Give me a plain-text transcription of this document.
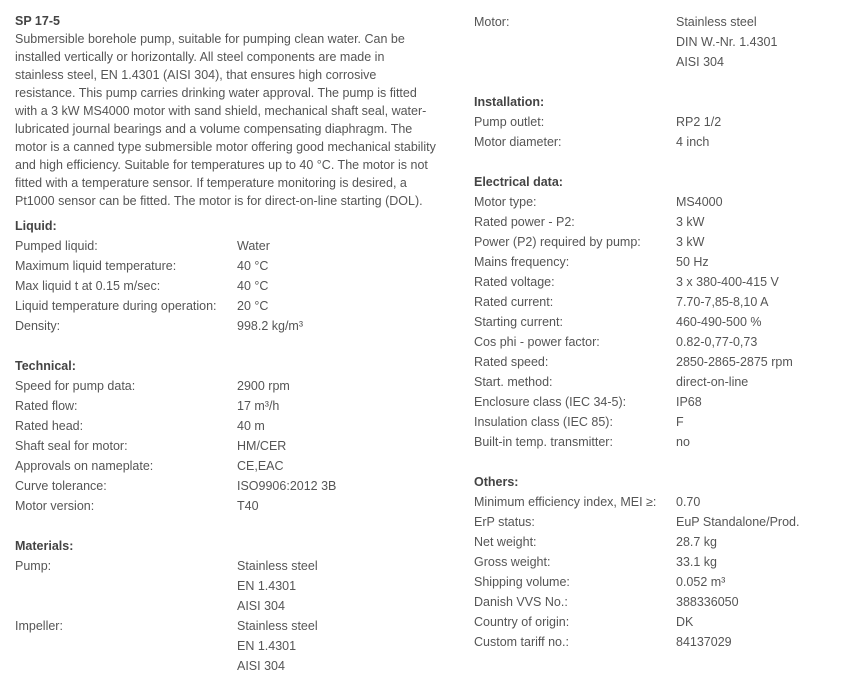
SP 17-5

Submersible borehole pump, suitable for pumping clean water. Can be
installed vertically or horizontally. All steel components are made in
stainless steel, EN 1.4301 (AISI 304), that ensures high corrosive
resistance. This pump carries drinking water approval. The pump is fitted
with a 3 kW MS4000 motor with sand shield, mechanical shaft seal, water-
lubricated journal bearings and a volume compensating diaphragm. The
motor is a canned type submersible motor offering good mechanical stability
and high efficiency. Suitable for temperatures up to 40 °C. The motor is not
fitted with a temperature sensor. If temperature monitoring is desired, a
Pt1000 sensor can be fitted. The motor is for direct-on-line starting (DOL).

Liquid:
Pumped liquid:	Water
Maximum liquid temperature:	40 °C
Max liquid t at 0.15 m/sec:	40 °C
Liquid temperature during operation:	20 °C
Density:	998.2 kg/m³
Technical:
Speed for pump data:	2900 rpm
Rated flow:	17 m³/h
Rated head:	40 m
Shaft seal for motor:	HM/CER
Approvals on nameplate:	CE,EAC
Curve tolerance:	ISO9906:2012 3B
Motor version:	T40
Materials:
Pump:	Stainless steel
EN 1.4301
AISI 304
Impeller:	Stainless steel
EN 1.4301
AISI 304
Motor:	Stainless steel
DIN W.-Nr. 1.4301
AISI 304
Installation:
Pump outlet:	RP2 1/2
Motor diameter:	4 inch
Electrical data:
Motor type:	MS4000
Rated power - P2:	3 kW
Power (P2) required by pump:	3 kW
Mains frequency:	50 Hz
Rated voltage:	3 x 380-400-415 V
Rated current:	7.70-7,85-8,10 A
Starting current:	460-490-500 %
Cos phi - power factor:	0.82-0,77-0,73
Rated speed:	2850-2865-2875 rpm
Start. method:	direct-on-line
Enclosure class (IEC 34-5):	IP68
Insulation class (IEC 85):	F
Built-in temp. transmitter:	no
Others:
Minimum efficiency index, MEI ≥:	0.70
ErP status:	EuP Standalone/Prod.
Net weight:	28.7 kg
Gross weight:	33.1 kg
Shipping volume:	0.052 m³
Danish VVS No.:	388336050
Country of origin:	DK
Custom tariff no.:	84137029
